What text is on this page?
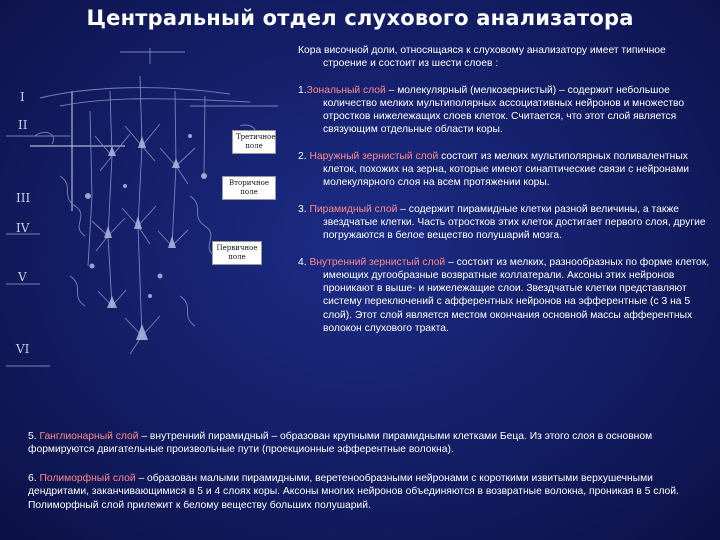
Центральный отдел слухового анализатора
Третичное поле
Вторичное поле
Первичное поле
I
II
III
IV
V
VI

Кора височной доли, относящаяся к слуховому анализатору имеет типичное строение и состоит из шести слоев :

1.Зональный слой – молекулярный (мелкозернистый) – содержит небольшое количество мелких мультиполярных ассоциативных нейронов и множество отростков нижележащих слоев клеток. Считается, что этот слой является связующим отдельные области коры.

2. Наружный зернистый слой состоит из мелких мультиполярных поливалентных клеток, похожих на зерна, которые имеют синаптические связи с нейронами молекулярного слоя на всем протяжении коры.

3. Пирамидный слой – содержит пирамидные клетки разной величины, а также звездчатые клетки. Часть отростков этих клеток достигает первого слоя, другие погружаются в белое вещество полушарий мозга.

4. Внутренний зернистый слой – состоит из мелких, разнообразных по форме клеток, имеющих дугообразные возвратные коллатерали. Аксоны этих нейронов проникают в выше- и нижележащие слои. Звездчатые клетки представляют систему переключений с афферентных нейронов на эфферентные (с 3 на 5 слой). Этот слой является местом окончания основной массы афферентных волокон слухового тракта.

5. Ганглионарный слой – внутренний пирамидный – образован крупными пирамидными клетками Беца. Из этого слоя в основном формируются двигательные произвольные пути (проекционные эфферентные волокна).
6. Полиморфный слой – образован малыми пирамидными, веретенообразными нейронами с короткими извитыми верхушечными дендритами, заканчивающимися в 5 и 4 слоях коры. Аксоны многих нейронов объединяются в возвратные волокна, проникая в 5 слой. Полиморфный слой прилежит к белому веществу больших полушарий.
